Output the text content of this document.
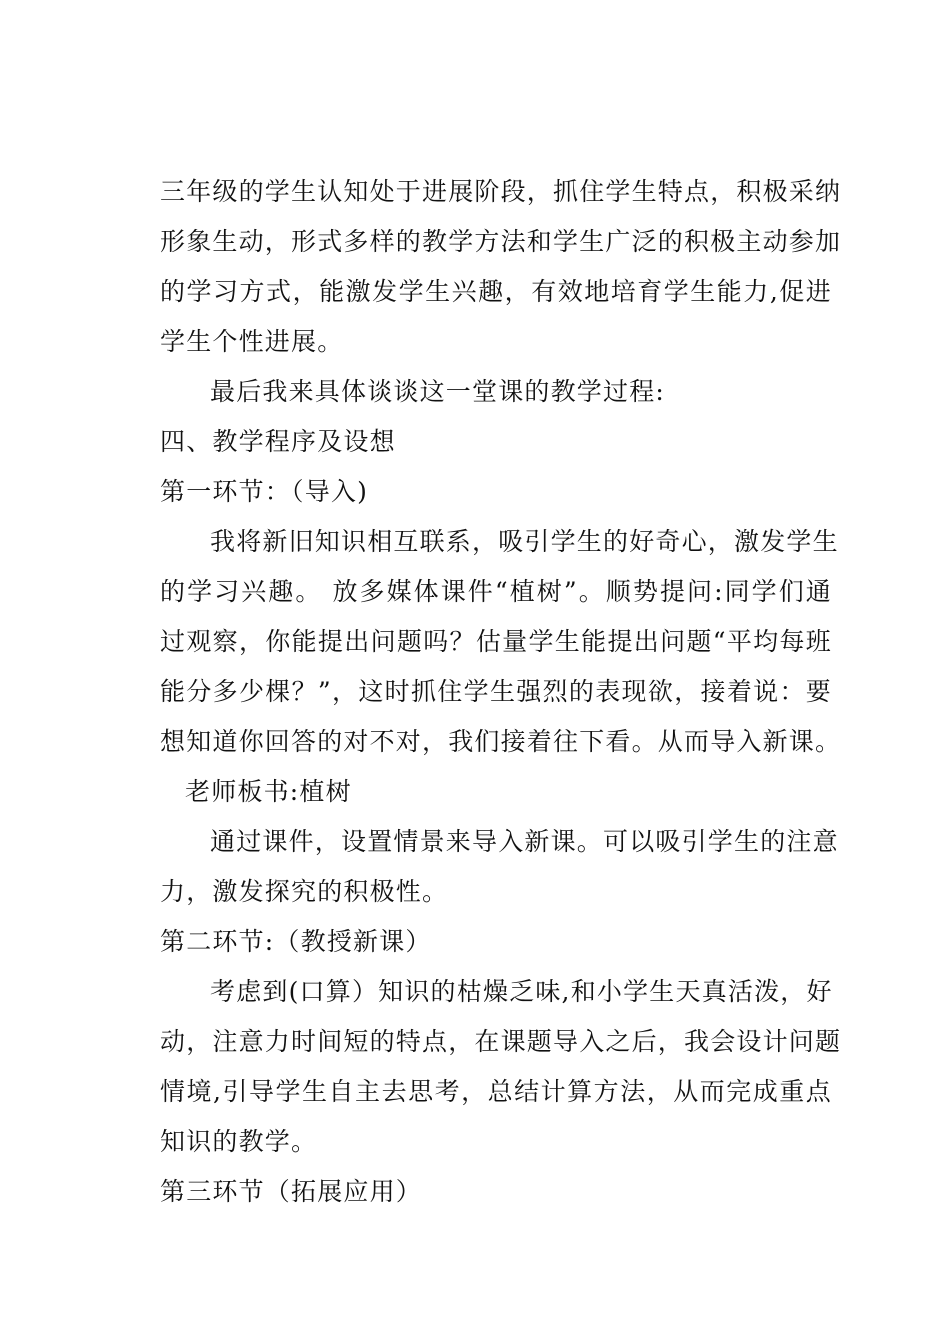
三年级的学生认知处于进展阶段，抓住学生特点，积极采纳
形象生动，形式多样的教学方法和学生广泛的积极主动参加
的学习方式，能激发学生兴趣，有效地培育学生能力,促进
学生个性进展。
最后我来具体谈谈这一堂课的教学过程:
四、教学程序及设想
第一环节：（导入)
我将新旧知识相互联系，吸引学生的好奇心，激发学生
的学习兴趣。 放多媒体课件“植树”。顺势提问:同学们通
过观察，你能提出问题吗？估量学生能提出问题“平均每班
能分多少棵？”，这时抓住学生强烈的表现欲，接着说：要
想知道你回答的对不对，我们接着往下看。从而导入新课。
老师板书:植树
通过课件，设置情景来导入新课。可以吸引学生的注意
力，激发探究的积极性。
第二环节:（教授新课）
考虑到(口算）知识的枯燥乏味,和小学生天真活泼，好
动，注意力时间短的特点，在课题导入之后，我会设计问题
情境,引导学生自主去思考，总结计算方法，从而完成重点
知识的教学。
第三环节（拓展应用）
